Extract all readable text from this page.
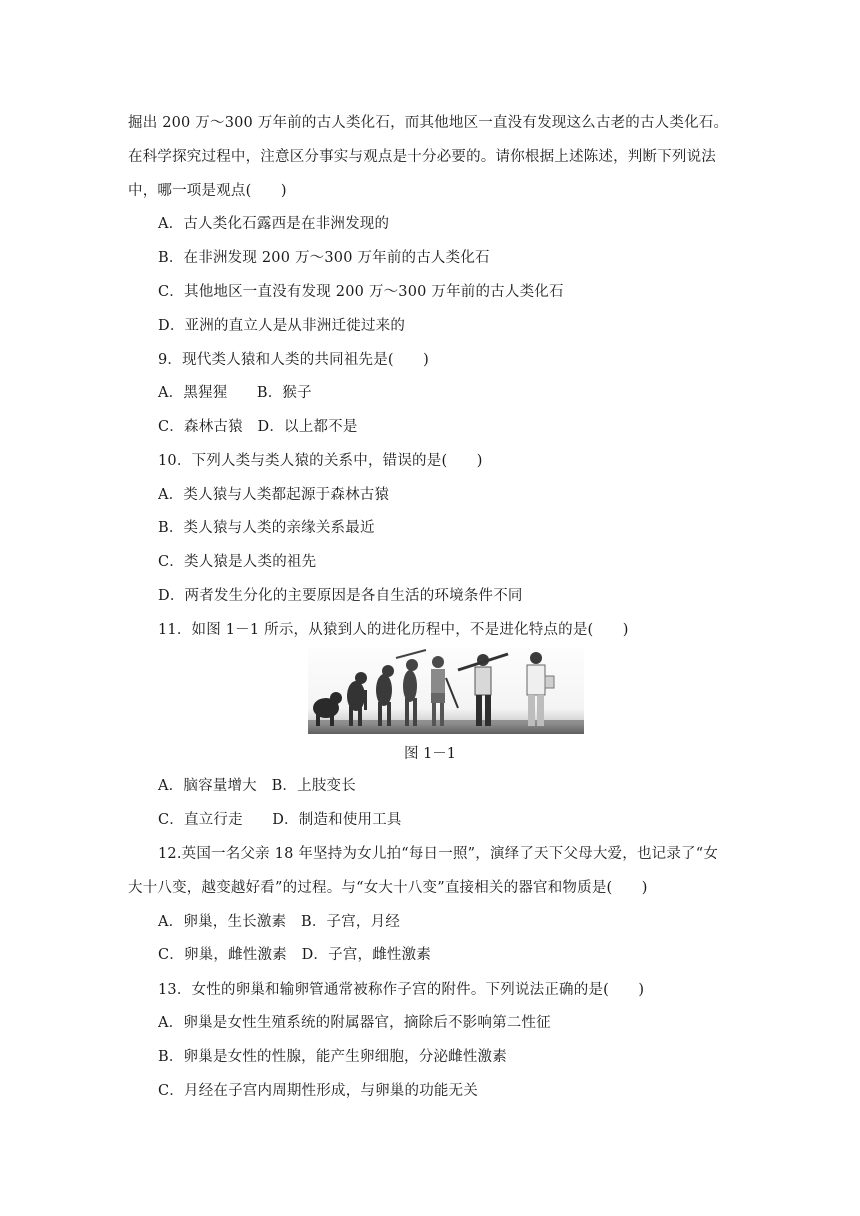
掘出 200 万～300 万年前的古人类化石，而其他地区一直没有发现这么古老的古人类化石。
在科学探究过程中，注意区分事实与观点是十分必要的。请你根据上述陈述，判断下列说法
中，哪一项是观点(　　)
A．古人类化石露西是在非洲发现的
B．在非洲发现 200 万～300 万年前的古人类化石
C．其他地区一直没有发现 200 万～300 万年前的古人类化石
D．亚洲的直立人是从非洲迁徙过来的
9．现代类人猿和人类的共同祖先是(　　)
A．黑猩猩　　B．猴子
C．森林古猿　D．以上都不是
10．下列人类与类人猿的关系中，错误的是(　　)
A．类人猿与人类都起源于森林古猿
B．类人猿与人类的亲缘关系最近
C．类人猿是人类的祖先
D．两者发生分化的主要原因是各自生活的环境条件不同
11．如图 1－1 所示，从猿到人的进化历程中，不是进化特点的是(　　)
图 1－1
A．脑容量增大　B．上肢变长
C．直立行走　　D．制造和使用工具
12.英国一名父亲 18 年坚持为女儿拍“每日一照”，演绎了天下父母大爱，也记录了“女
大十八变，越变越好看”的过程。与“女大十八变”直接相关的器官和物质是(　　)
A．卵巢，生长激素　B．子宫，月经
C．卵巢，雌性激素　D．子宫，雌性激素
13．女性的卵巢和输卵管通常被称作子宫的附件。下列说法正确的是(　　)
A．卵巢是女性生殖系统的附属器官，摘除后不影响第二性征
B．卵巢是女性的性腺，能产生卵细胞，分泌雌性激素
C．月经在子宫内周期性形成，与卵巢的功能无关
